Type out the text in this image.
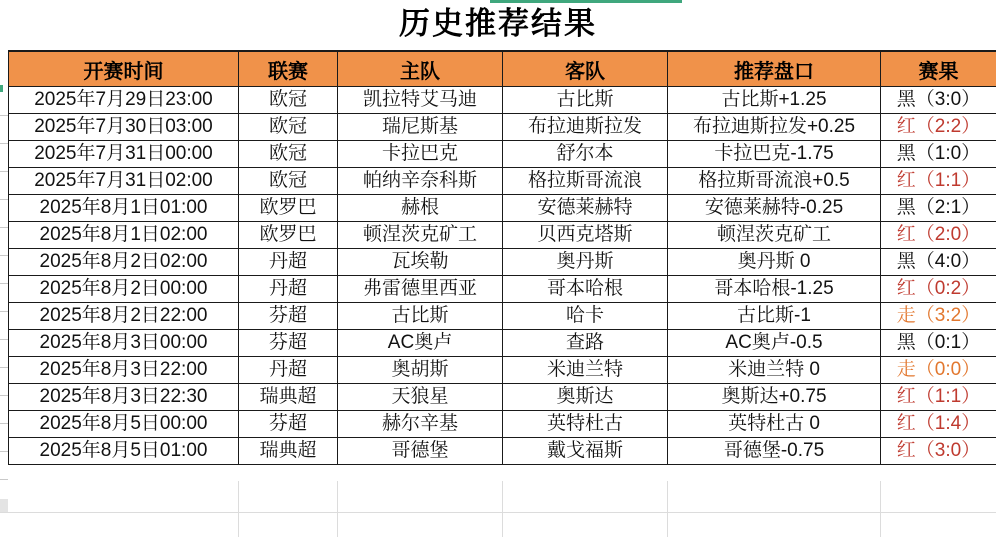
历史推荐结果
开赛时间	联赛	主队	客队	推荐盘口	赛果
2025年7月29日23:00	欧冠	凯拉特艾马迪	古比斯	古比斯+1.25	黑（3:0）
2025年7月30日03:00	欧冠	瑞尼斯基	布拉迪斯拉发	布拉迪斯拉发+0.25	红（2:2）
2025年7月31日00:00	欧冠	卡拉巴克	舒尔本	卡拉巴克-1.75	黑（1:0）
2025年7月31日02:00	欧冠	帕纳辛奈科斯	格拉斯哥流浪	格拉斯哥流浪+0.5	红（1:1）
2025年8月1日01:00	欧罗巴	赫根	安德莱赫特	安德莱赫特-0.25	黑（2:1）
2025年8月1日02:00	欧罗巴	顿涅茨克矿工	贝西克塔斯	顿涅茨克矿工	红（2:0）
2025年8月2日02:00	丹超	瓦埃勒	奥丹斯	奥丹斯 0	黑（4:0）
2025年8月2日00:00	丹超	弗雷德里西亚	哥本哈根	哥本哈根-1.25	红（0:2）
2025年8月2日22:00	芬超	古比斯	哈卡	古比斯-1	走（3:2）
2025年8月3日00:00	芬超	AC奥卢	查路	AC奥卢-0.5	黑（0:1）
2025年8月3日22:00	丹超	奥胡斯	米迪兰特	米迪兰特 0	走（0:0）
2025年8月3日22:30	瑞典超	天狼星	奥斯达	奥斯达+0.75	红（1:1）
2025年8月5日00:00	芬超	赫尔辛基	英特杜古	英特杜古 0	红（1:4）
2025年8月5日01:00	瑞典超	哥德堡	戴戈福斯	哥德堡-0.75	红（3:0）
